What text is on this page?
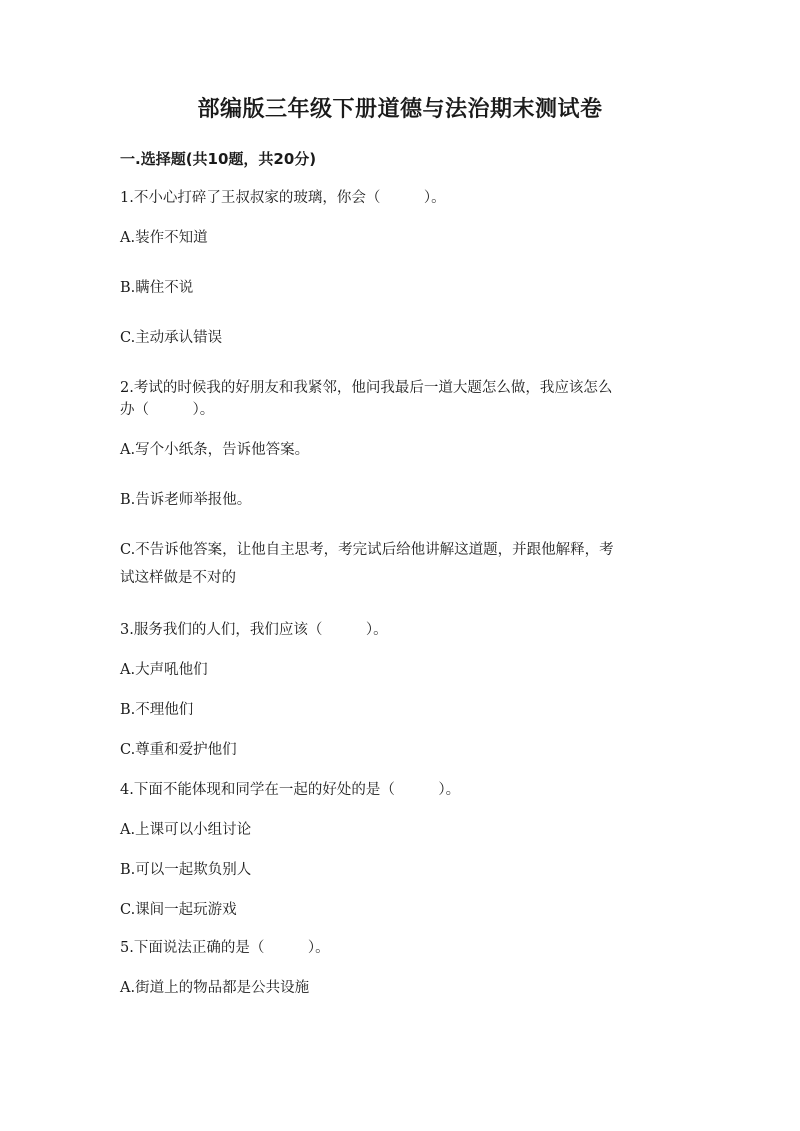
部编版三年级下册道德与法治期末测试卷
一.选择题(共10题，共20分)
1.不小心打碎了王叔叔家的玻璃，你会（　　　）。
A.装作不知道
B.瞒住不说
C.主动承认错误
2.考试的时候我的好朋友和我紧邻，他问我最后一道大题怎么做，我应该怎么
办（　　　）。
A.写个小纸条，告诉他答案。
B.告诉老师举报他。
C.不告诉他答案，让他自主思考，考完试后给他讲解这道题，并跟他解释，考
试这样做是不对的
3.服务我们的人们，我们应该（　　　）。
A.大声吼他们
B.不理他们
C.尊重和爱护他们
4.下面不能体现和同学在一起的好处的是（　　　）。
A.上课可以小组讨论
B.可以一起欺负别人
C.课间一起玩游戏
5.下面说法正确的是（　　　）。
A.街道上的物品都是公共设施
